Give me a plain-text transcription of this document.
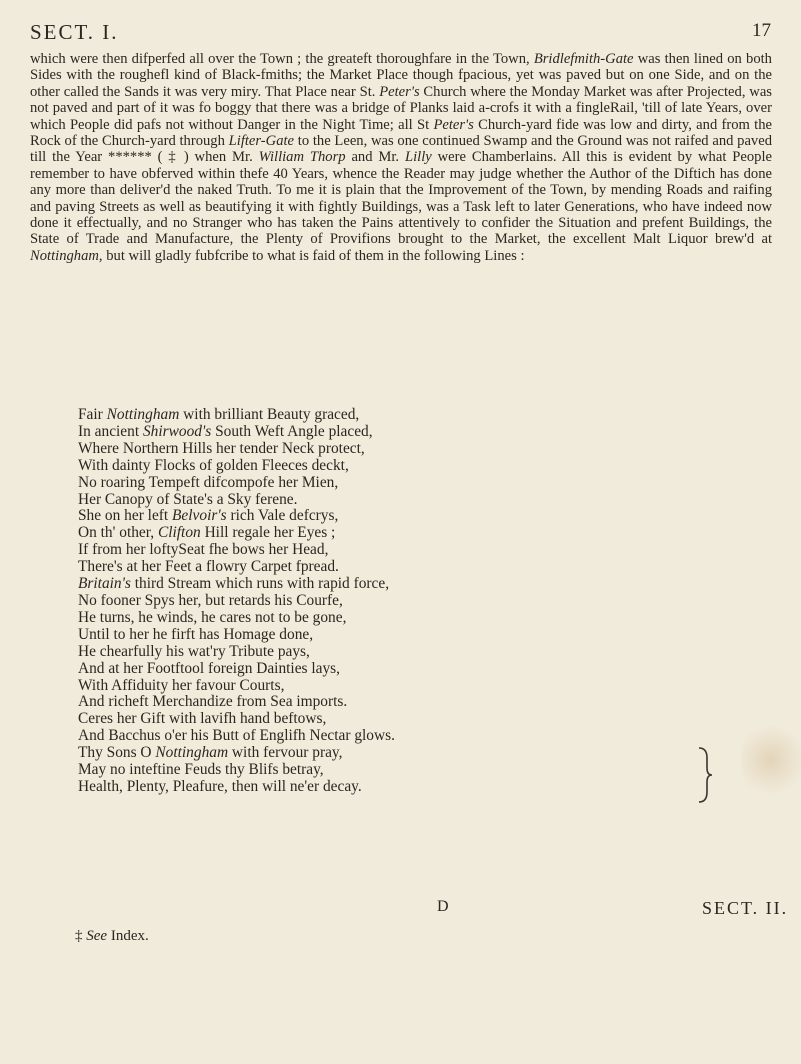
SECT. I.	17

which were then difperfed all over the Town ; the greateft thoroughfare in the Town, Bridlefmith-Gate was then lined on both Sides with the roughefl kind of Black-fmiths; the Market Place though fpacious, yet was paved but on one Side, and on the other called the Sands it was very miry. That Place near St. Peter's Church where the Monday Market was after Projected, was not paved and part of it was fo boggy that there was a bridge of Planks laid a-crofs it with a fingleRail, 'till of late Years, over which People did pafs not without Danger in the Night Time; all St Peter's Church-yard fide was low and dirty, and from the Rock of the Church-yard through Lifter-Gate to the Leen, was one continued Swamp and the Ground was not raifed and paved till the Year ****** ( ‡ ) when Mr. William Thorp and Mr. Lilly were Chamberlains. All this is evident by what People remember to have obferved within thefe 40 Years, whence the Reader may judge whether the Author of the Diftich has done any more than deliver'd the naked Truth. To me it is plain that the Improvement of the Town, by mending Roads and raifing and paving Streets as well as beautifying it with fightly Buildings, was a Task left to later Generations, who have indeed now done it effectually, and no Stranger who has taken the Pains attentively to confider the Situation and prefent Buildings, the State of Trade and Manufacture, the Plenty of Provifions brought to the Market, the excellent Malt Liquor brew'd at Nottingham, but will gladly fubfcribe to what is faid of them in the following Lines :

Fair Nottingham with brilliant Beauty graced,
In ancient Shirwood's South Weft Angle placed,
Where Northern Hills her tender Neck protect,
With dainty Flocks of golden Fleeces deckt,
No roaring Tempeft difcompofe her Mien,
Her Canopy of State's a Sky ferene.
She on her left Belvoir's rich Vale defcrys,
On th' other, Clifton Hill regale her Eyes ;
If from her loftySeat fhe bows her Head,
There's at her Feet a flowry Carpet fpread.
Britain's third Stream which runs with rapid force,
No fooner Spys her, but retards his Courfe,
He turns, he winds, he cares not to be gone,
Until to her he firft has Homage done,
He chearfully his wat'ry Tribute pays,
And at her Footftool foreign Dainties lays,
With Affiduity her favour Courts,
And richeft Merchandize from Sea imports.
Ceres her Gift with lavifh hand beftows,
And Bacchus o'er his Butt of Englifh Nectar glows.
Thy Sons O Nottingham with fervour pray,
May no inteftine Feuds thy Blifs betray,
Health, Plenty, Pleafure, then will ne'er decay.
D	SECT. II.
‡ See Index.
